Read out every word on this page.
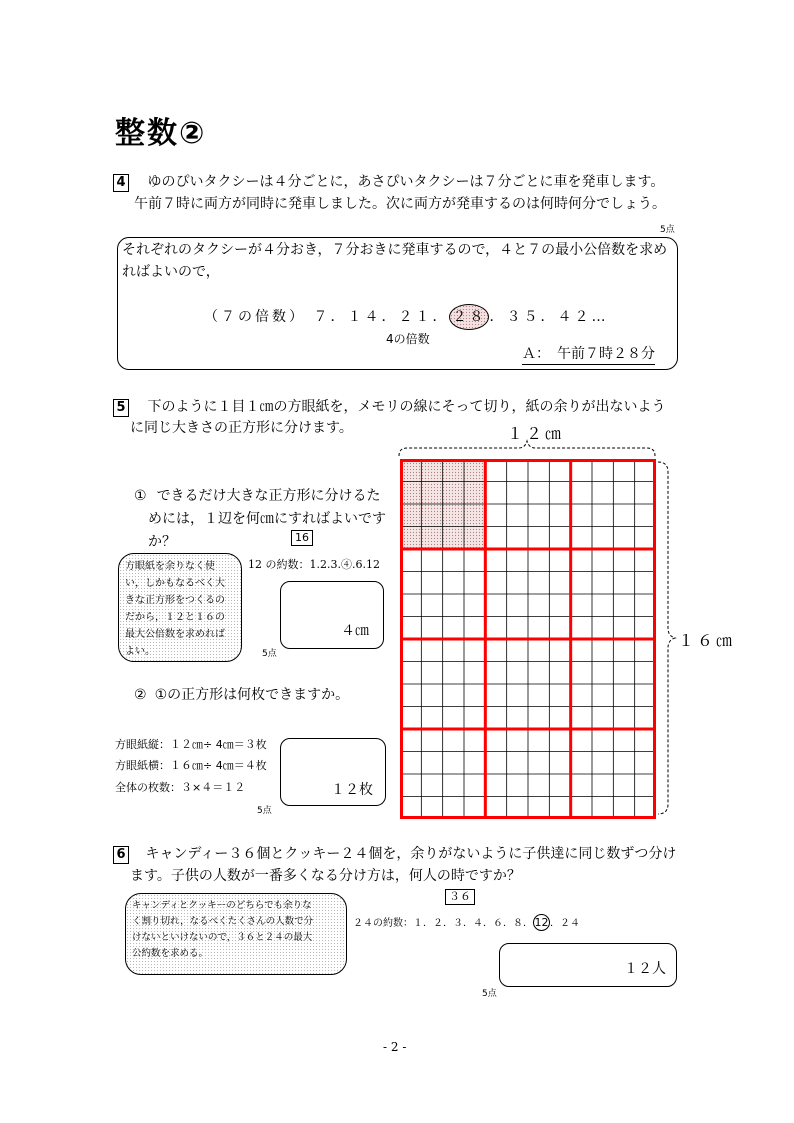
整数②
4 ゆのぴいタクシーは４分ごとに，あさぴいタクシーは７分ごとに車を発車します。
午前７時に両方が同時に発車しました。次に両方が発車するのは何時何分でしょう。
5点
それぞれのタクシーが４分おき，７分おきに発車するので，４と７の最小公倍数を求め
ればよいので，
（７の倍数） ７．１４．２１． ２８ ．３５．４２…
4の倍数
Ａ：　午前７時２８分
5 下のように１目１㎝の方眼紙を，メモリの線にそって切り，紙の余りが出ないよう
に同じ大きさの正方形に分けます。	１２㎝
１６㎝
① できるだけ大きな正方形に分けるた
めには，１辺を何㎝にすればよいです
か？	16
12 の約数：1.2.3.④.6.12
方眼紙を余りなく使
い，しかもなるべく大
きな正方形をつくるの
だから，１２と１６の
最大公倍数を求めれば
よい。
４㎝
5点
② ①の正方形は何枚できますか。
方眼紙縦：１２㎝÷ 4㎝＝３枚
方眼紙横：１６㎝÷ 4㎝＝４枚
全体の枚数：３×４＝１２	１２枚
5点
6 キャンディー３６個とクッキー２４個を，余りがないように子供達に同じ数ずつ分け
ます。子供の人数が一番多くなる分け方は，何人の時ですか？
３６
キャンディとクッキーのどちらでも余りな
く割り切れ，なるべくたくさんの人数で分
けないといけないので，３６と２４の最大
公約数を求める。
２４の約数：１．２．３．４．６．８． 12 ．２４
１２人
5点
- 2 -
